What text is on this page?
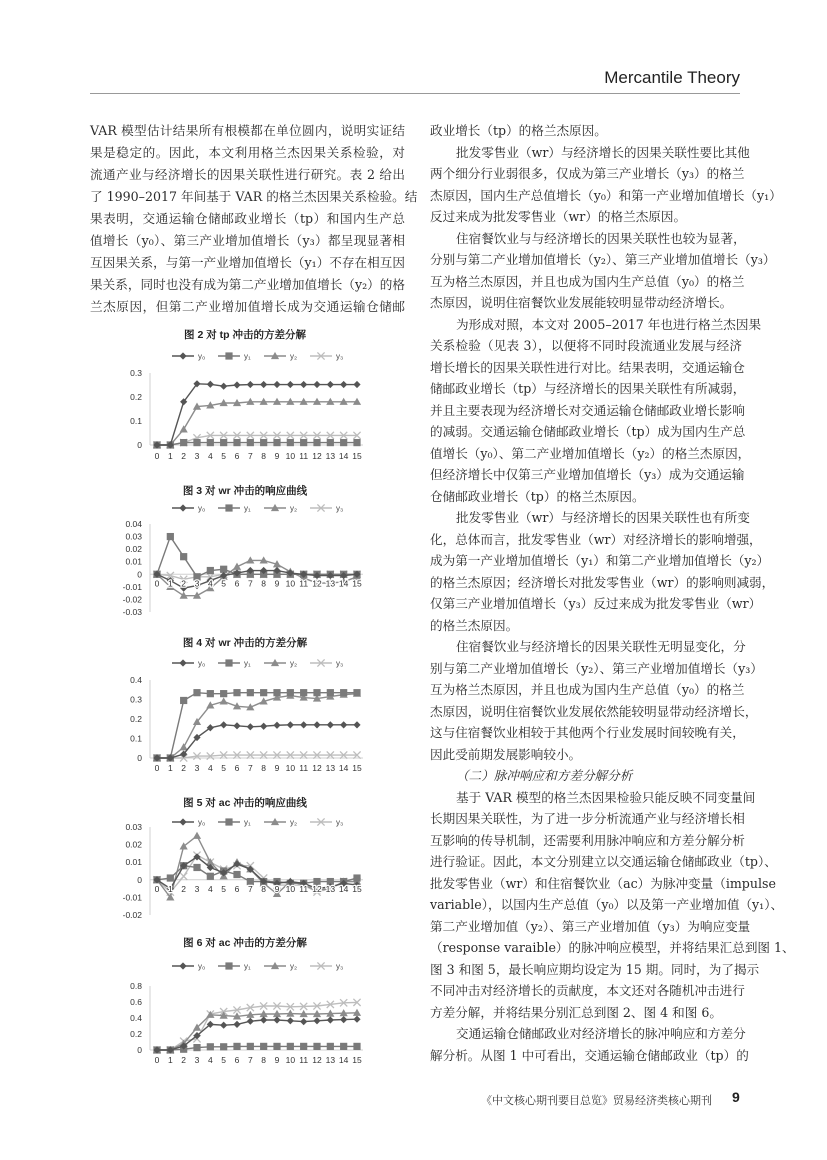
Mercantile Theory
VAR 模型估计结果所有根模都在单位圆内，说明实证结
果是稳定的。因此，本文利用格兰杰因果关系检验，对
流通产业与经济增长的因果关联性进行研究。表 2 给出
了 1990–2017 年间基于 VAR 的格兰杰因果关系检验。结
果表明，交通运输仓储邮政业增长（tp）和国内生产总
值增长（y₀）、第三产业增加值增长（y₃）都呈现显著相
互因果关系，与第一产业增加值增长（y₁）不存在相互因
果关系，同时也没有成为第二产业增加值增长（y₂）的格
兰杰原因，但第二产业增加值增长成为交通运输仓储邮
政业增长（tp）的格兰杰原因。
批发零售业（wr）与经济增长的因果关联性要比其他
两个细分行业弱很多，仅成为第三产业增长（y₃）的格兰
杰原因，国内生产总值增长（y₀）和第一产业增加值增长（y₁）
反过来成为批发零售业（wr）的格兰杰原因。
住宿餐饮业与与经济增长的因果关联性也较为显著，
分别与第二产业增加值增长（y₂）、第三产业增加值增长（y₃）
互为格兰杰原因，并且也成为国内生产总值（y₀）的格兰
杰原因，说明住宿餐饮业发展能较明显带动经济增长。
为形成对照，本文对 2005–2017 年也进行格兰杰因果
关系检验（见表 3），以便将不同时段流通业发展与经济
增长增长的因果关联性进行对比。结果表明，交通运输仓
储邮政业增长（tp）与经济增长的因果关联性有所减弱，
并且主要表现为经济增长对交通运输仓储邮政业增长影响
的减弱。交通运输仓储邮政业增长（tp）成为国内生产总
值增长（y₀）、第二产业增加值增长（y₂）的格兰杰原因，
但经济增长中仅第三产业增加值增长（y₃）成为交通运输
仓储邮政业增长（tp）的格兰杰原因。
批发零售业（wr）与经济增长的因果关联性也有所变
化，总体而言，批发零售业（wr）对经济增长的影响增强，
成为第一产业增加值增长（y₁）和第二产业增加值增长（y₂）
的格兰杰原因；经济增长对批发零售业（wr）的影响则减弱，
仅第三产业增加值增长（y₃）反过来成为批发零售业（wr）
的格兰杰原因。
住宿餐饮业与经济增长的因果关联性无明显变化，分
别与第二产业增加值增长（y₂）、第三产业增加值增长（y₃）
互为格兰杰原因，并且也成为国内生产总值（y₀）的格兰
杰原因，说明住宿餐饮业发展依然能较明显带动经济增长，
这与住宿餐饮业相较于其他两个行业发展时间较晚有关，
因此受前期发展影响较小。
（二）脉冲响应和方差分解分析
基于 VAR 模型的格兰杰因果检验只能反映不同变量间
长期因果关联性，为了进一步分析流通产业与经济增长相
互影响的传导机制，还需要利用脉冲响应和方差分解分析
进行验证。因此，本文分别建立以交通运输仓储邮政业（tp）、
批发零售业（wr）和住宿餐饮业（ac）为脉冲变量（impulse
variable），以国内生产总值（y₀）以及第一产业增加值（y₁）、
第二产业增加值（y₂）、第三产业增加值（y₃）为响应变量
（response varaible）的脉冲响应模型，并将结果汇总到图 1、
图 3 和图 5，最长响应期均设定为 15 期。同时，为了揭示
不同冲击对经济增长的贡献度，本文还对各随机冲击进行
方差分解，并将结果分别汇总到图 2、图 4 和图 6。
交通运输仓储邮政业对经济增长的脉冲响应和方差分
解分析。从图 1 中可看出，交通运输仓储邮政业（tp）的
图 2 对 tp 冲击的方差分解
y₀	y₁	y₂	y₃
0
0.1
0.2
0.3
0 1 2 3 4 5 6 7 8 9 10 11 12 13 14 15
图 3 对 wr 冲击的响应曲线
y₀	y₁	y₂	y₃
-0.03
-0.02
-0.01
0
0.01
0.02
0.03
0.04
0 1 2 3 4 5 6 7 8 9 10 11 12 13 14 15
图 4 对 wr 冲击的方差分解
y₀	y₁	y₂	y₃
0
0.1
0.2
0.3
0.4
0 1 2 3 4 5 6 7 8 9 10 11 12 13 14 15
图 5 对 ac 冲击的响应曲线
y₀	y₁	y₂	y₃
-0.02
-0.01
0
0.01
0.02
0.03
0 1 2 3 4 5 6 7 8 9 10 11 12 13 14 15
图 6 对 ac 冲击的方差分解
y₀	y₁	y₂	y₃
0
0.2
0.4
0.6
0.8
0 1 2 3 4 5 6 7 8 9 10 11 12 13 14 15
《中文核心期刊要目总览》贸易经济类核心期刊 9
